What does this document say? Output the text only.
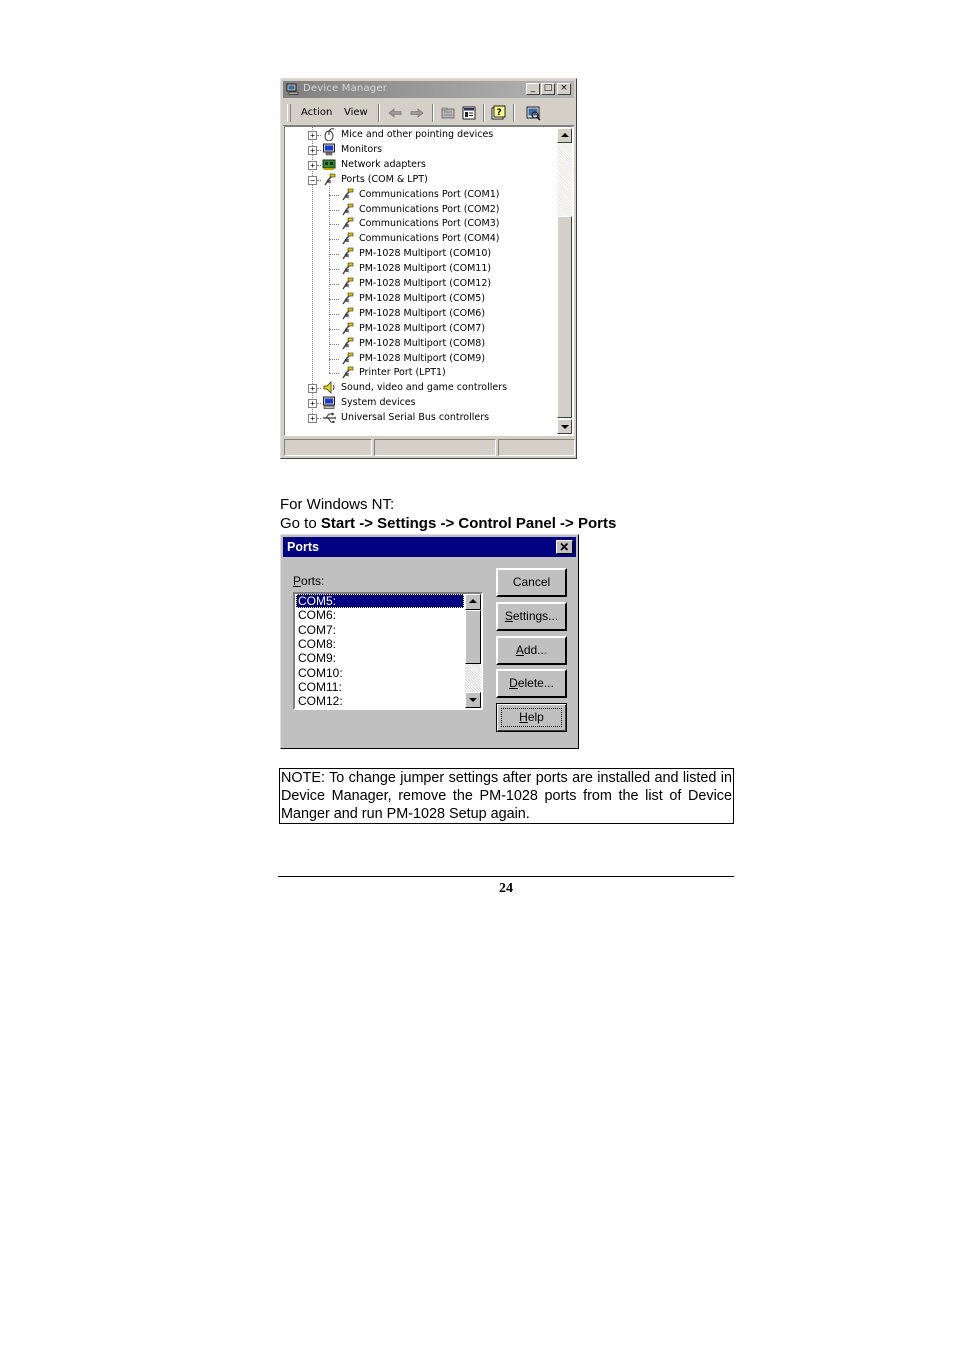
Device Manager	_ □ ×
Action View	?
+	Mice and other pointing devices
+	Monitors
+	Network adapters
−	Ports (COM & LPT)
Communications Port (COM1)
Communications Port (COM2)
Communications Port (COM3)
Communications Port (COM4)
PM-1028 Multiport (COM10)
PM-1028 Multiport (COM11)
PM-1028 Multiport (COM12)
PM-1028 Multiport (COM5)
PM-1028 Multiport (COM6)
PM-1028 Multiport (COM7)
PM-1028 Multiport (COM8)
PM-1028 Multiport (COM9)
Printer Port (LPT1)
+	Sound, video and game controllers
+	System devices
+	Universal Serial Bus controllers
For Windows NT:
Go to Start -> Settings -> Control Panel -> Ports
Ports
Ports:
COM5:
COM6:
COM7:
COM8:
COM9:
COM10:
COM11:
COM12:
Cancel
Settings...
Add...
Delete...
Help
NOTE: To change jumper settings after ports are installed and listed in Device Manager, remove the PM-1028 ports from the list of Device Manger and run PM-1028 Setup again.
24
